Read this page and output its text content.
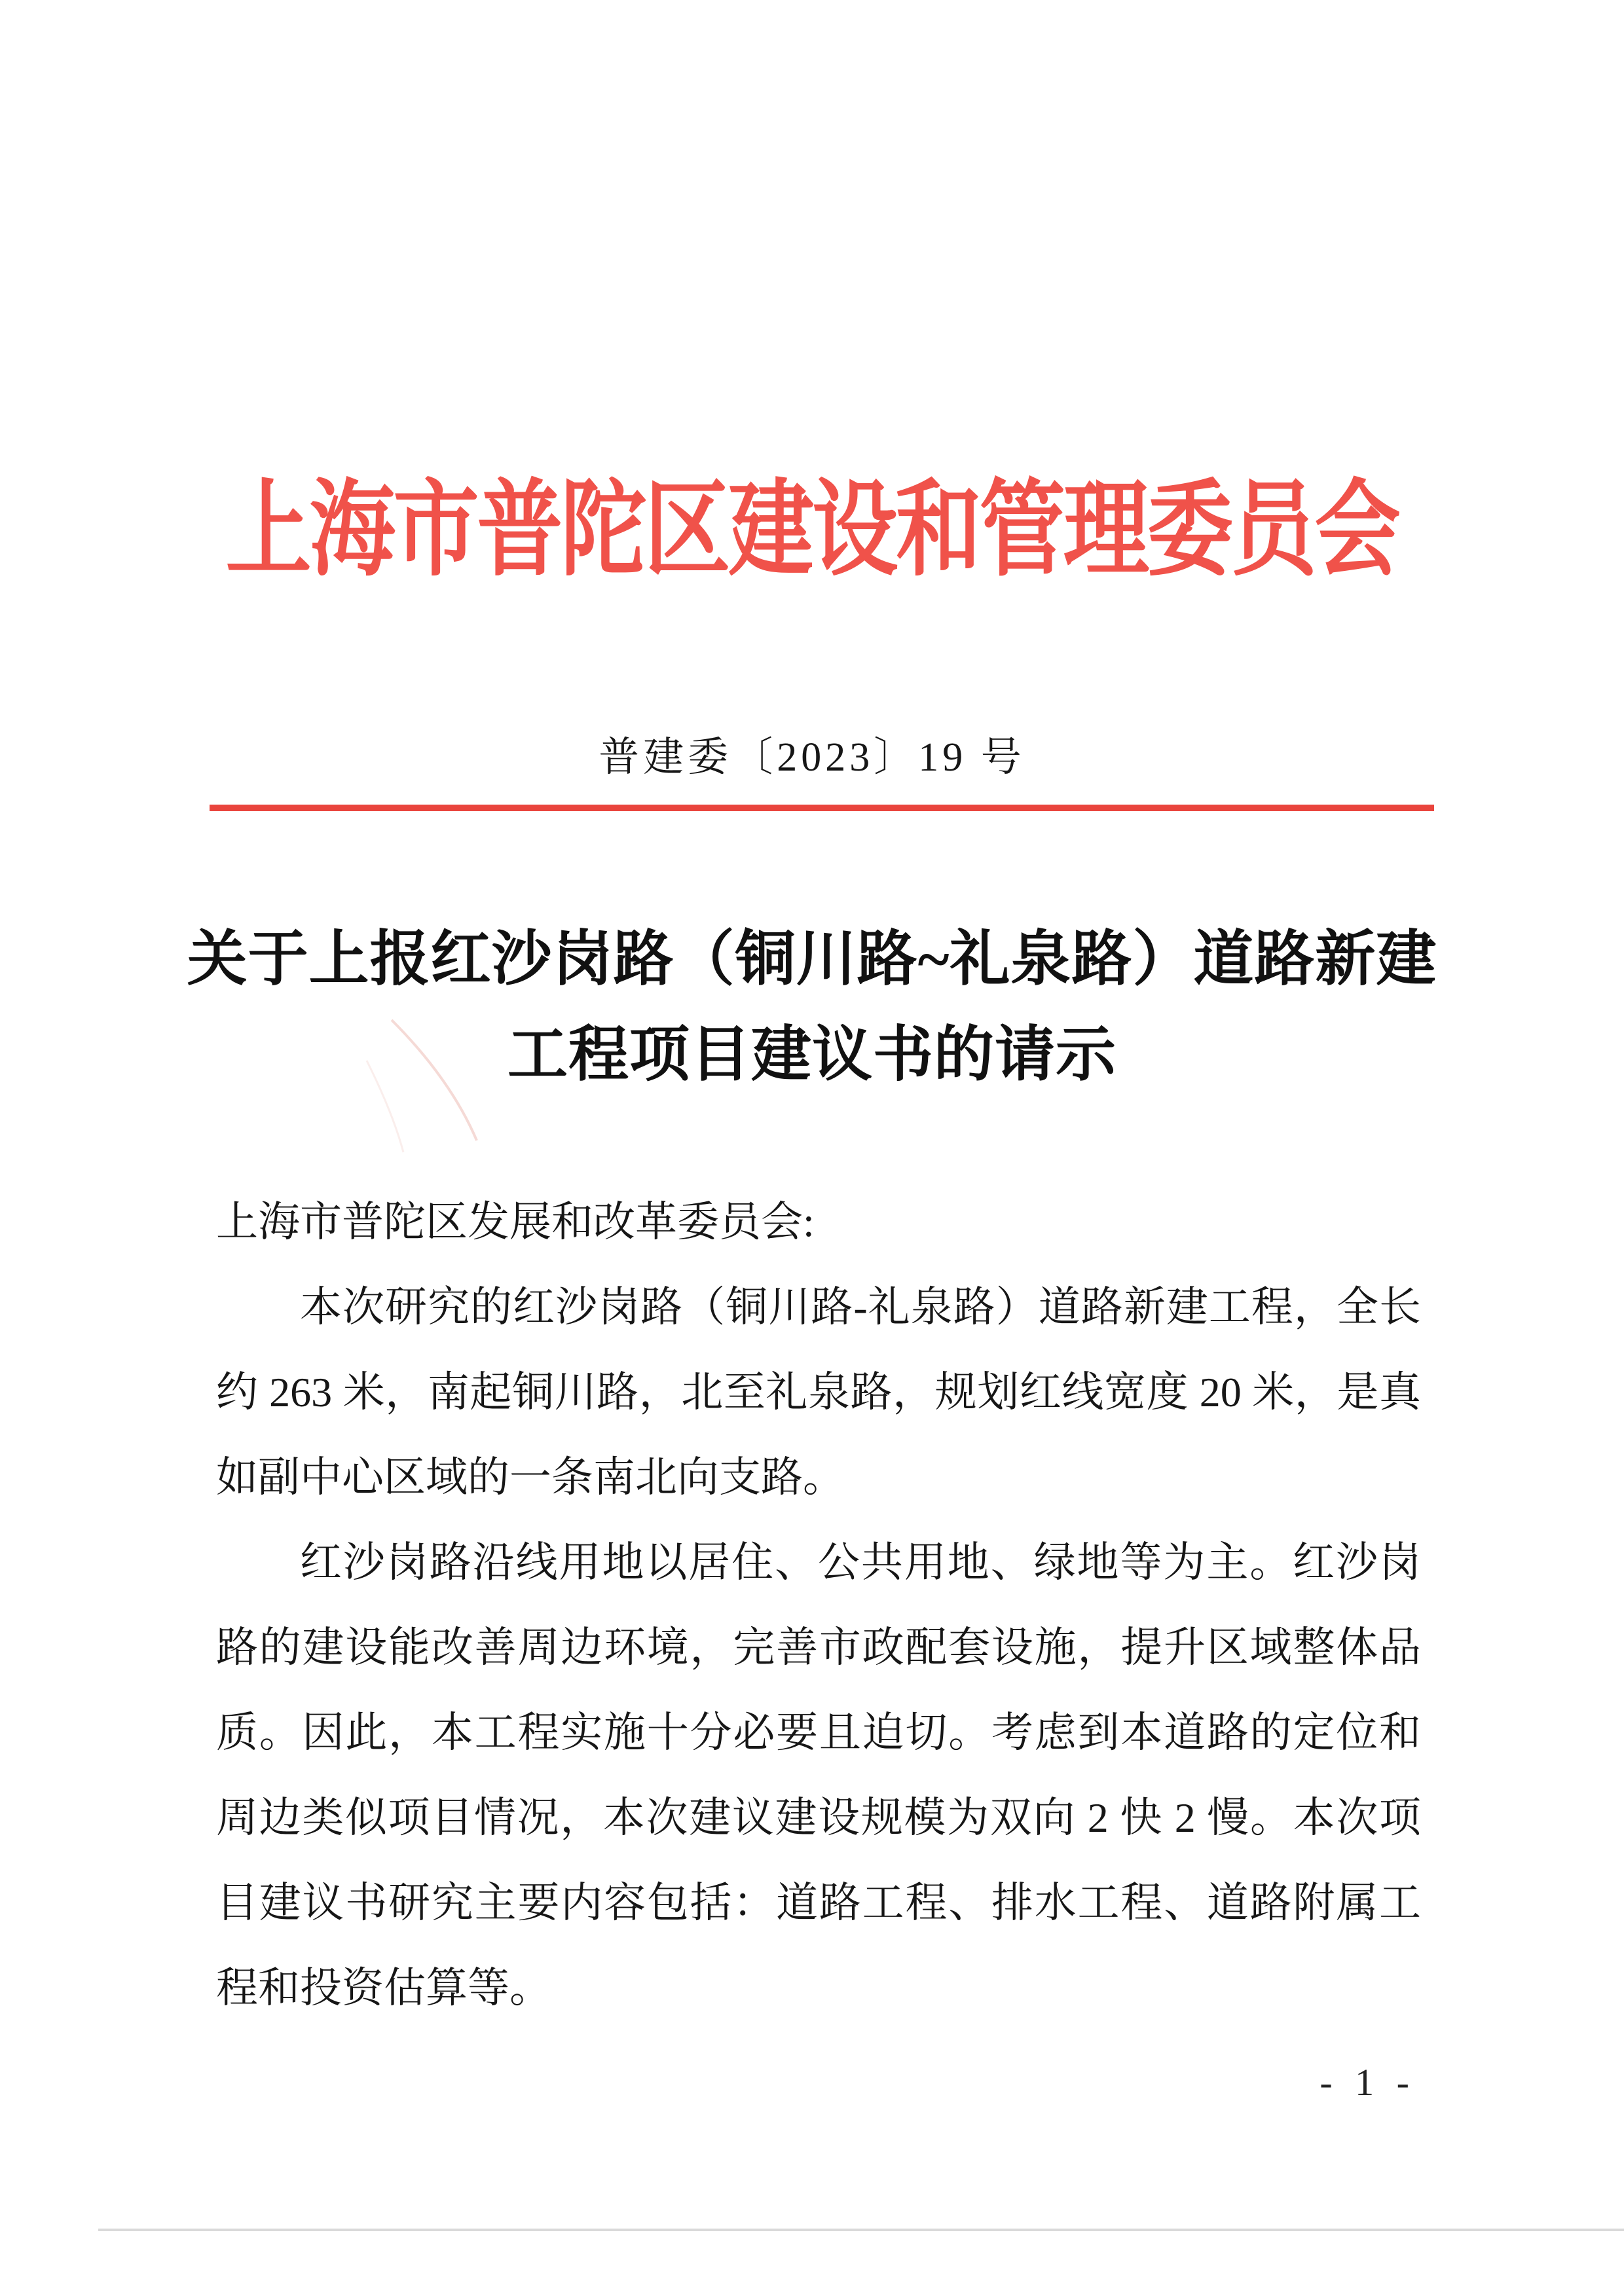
上海市普陀区建设和管理委员会
普建委〔2023〕19 号
关于上报红沙岗路（铜川路~礼泉路）道路新建
工程项目建议书的请示

上海市普陀区发展和改革委员会:

本次研究的红沙岗路（铜川路-礼泉路）道路新建工程，全长约 263 米，南起铜川路，北至礼泉路，规划红线宽度 20 米，是真如副中心区域的一条南北向支路。

红沙岗路沿线用地以居住、公共用地、绿地等为主。红沙岗路的建设能改善周边环境，完善市政配套设施，提升区域整体品质。因此，本工程实施十分必要且迫切。考虑到本道路的定位和周边类似项目情况，本次建议建设规模为双向 2 快 2 慢。本次项目建议书研究主要内容包括：道路工程、排水工程、道路附属工程和投资估算等。

- 1 -
